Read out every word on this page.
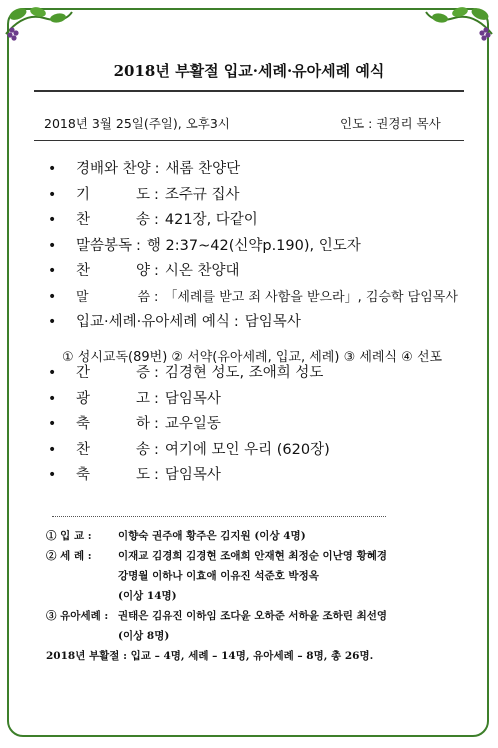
2018년 부활절 입교·세례·유아세례 예식
2018년 3월 25일(주일), 오후3시	인도 : 권경리 목사
•	경배와 찬양 : 새롬 찬양단
•	기	도 : 조주규 집사
•	찬	송 : 421장, 다같이
•	말씀봉독 : 행 2:37~42(신약p.190), 인도자
•	찬	양 : 시온 찬양대
•	말	씀 : 「세례를 받고 죄 사함을 받으라」, 김승학 담임목사
•	입교·세례·유아세례 예식 : 담임목사
•	간	증 : 김경현 성도, 조애희 성도
•	광	고 : 담임목사
•	축	하 : 교우일동
•	찬	송 : 여기에 모인 우리 (620장)
•	축	도 : 담임목사
① 성시교독(89번) ② 서약(유아세례, 입교, 세례) ③ 세례식 ④ 선포
① 입 교 :	이향숙 권주애 황주은 김지원 (이상 4명)
② 세 례 :	이재교 김경희 김경현 조애희 안재현 최정순 이난영 황혜경
강명월 이하나 이효애 이유진 석준호 박정옥
(이상 14명)
③ 유아세례 : 권태은 김유진 이하임 조다윤 오하준 서하윤 조하린 최선영
(이상 8명)
2018년 부활절 : 입교 – 4명, 세례 – 14명, 유아세례 – 8명, 총 26명.
